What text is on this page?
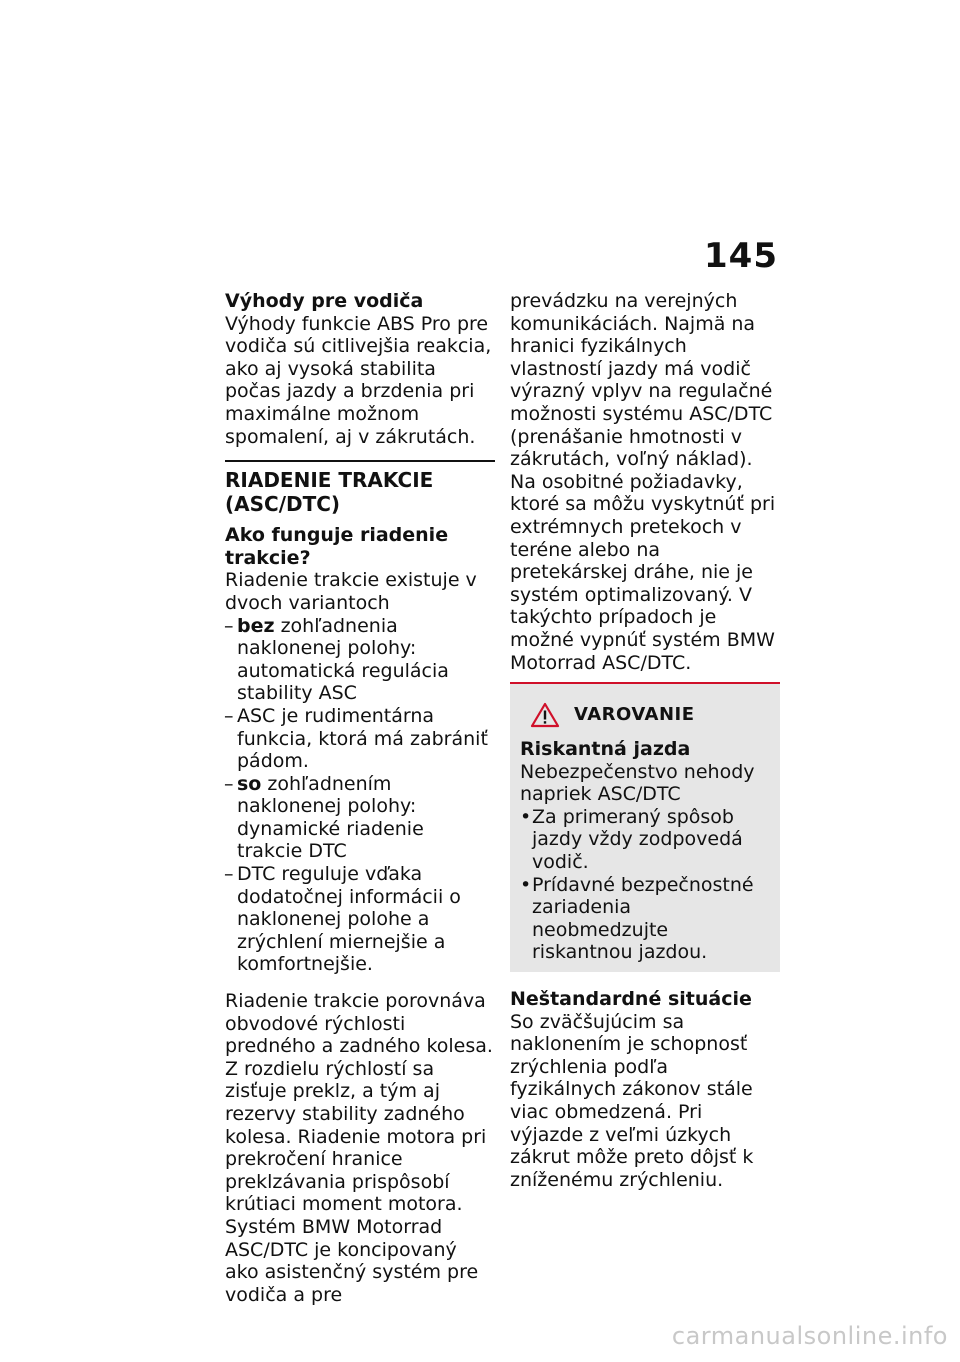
145

Výhody pre vodiča

Výhody funkcie ABS Pro pre vodiča sú citlivejšia reakcia, ako aj vysoká stabilita počas jazdy a brzdenia pri maximálne možnom spomalení, aj v zákrutách.

RIADENIE TRAKCIE (ASC/DTC)

Ako funguje riadenie trakcie?

Riadenie trakcie existuje v dvoch variantoch

– bez zohľadnenia naklonenej polohy: automatická regulácia stability ASC
– ASC je rudimentárna funkcia, ktorá má zabrániť pádom.
– so zohľadnením naklonenej polohy: dynamické riadenie trakcie DTC
– DTC reguluje vďaka dodatočnej informácii o naklonenej polohe a zrýchlení miernejšie a komfortnejšie.

Riadenie trakcie porovnáva obvodové rýchlosti predného a zadného kolesa. Z rozdielu rýchlostí sa zisťuje preklz, a tým aj rezervy stability zadného kolesa. Riadenie motora pri prekročení hranice preklzávania prispôsobí krútiaci moment motora.

Systém BMW Motorrad ASC/DTC je koncipovaný ako asistenčný systém pre vodiča a pre

prevádzku na verejných komunikáciách. Najmä na hranici fyzikálnych vlastností jazdy má vodič výrazný vplyv na regulačné možnosti systému ASC/DTC (prenášanie hmotnosti v zákrutách, voľný náklad).

Na osobitné požiadavky, ktoré sa môžu vyskytnúť pri extrémnych pretekoch v teréne alebo na pretekárskej dráhe, nie je systém optimalizovaný. V takýchto prípadoch je možné vypnúť systém BMW Motorrad ASC/DTC.

VAROVANIE

Riskantná jazda

Nebezpečenstvo nehody napriek ASC/DTC

• Za primeraný spôsob jazdy vždy zodpovedá vodič.
• Prídavné bezpečnostné zariadenia neobmedzujte riskantnou jazdou.

Neštandardné situácie

So zväčšujúcim sa naklonením je schopnosť zrýchlenia podľa fyzikálnych zákonov stále viac obmedzená. Pri výjazde z veľmi úzkych zákrut môže preto dôjsť k zníženému zrýchleniu.

carmanualsonline.info
